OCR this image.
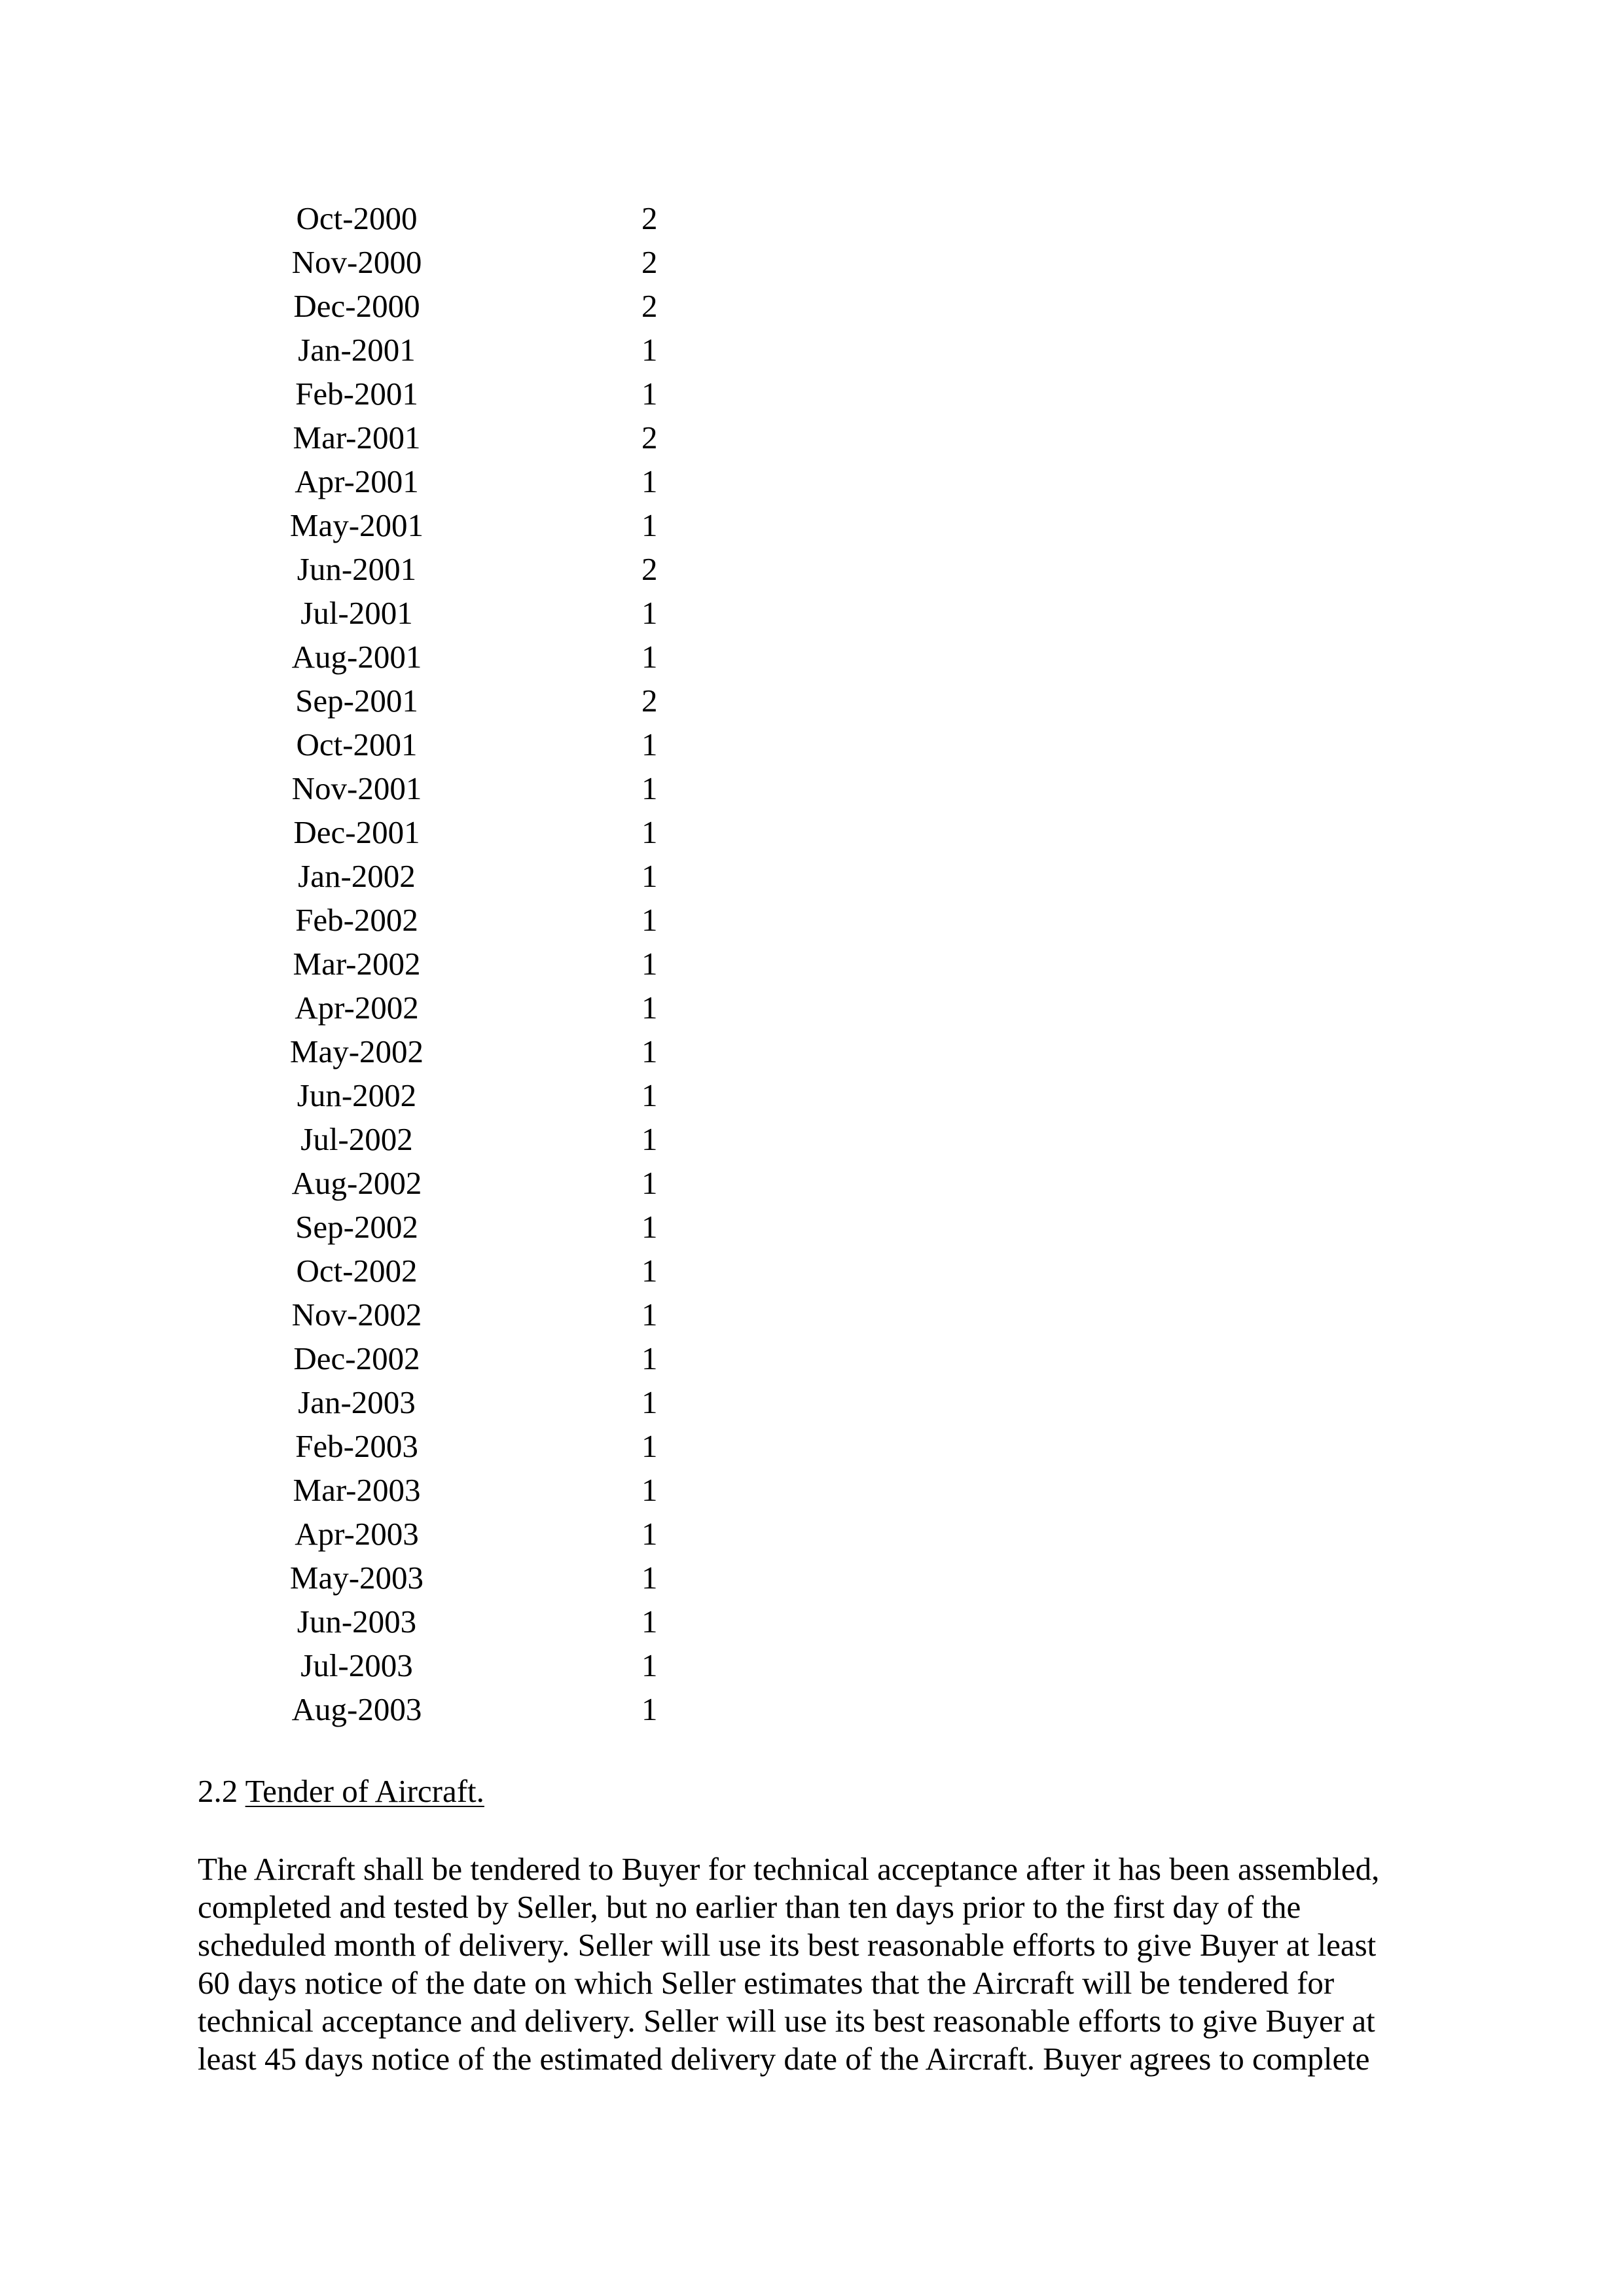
Oct-2000	2
Nov-2000	2
Dec-2000	2
Jan-2001	1
Feb-2001	1
Mar-2001	2
Apr-2001	1
May-2001	1
Jun-2001	2
Jul-2001	1
Aug-2001	1
Sep-2001	2
Oct-2001	1
Nov-2001	1
Dec-2001	1
Jan-2002	1
Feb-2002	1
Mar-2002	1
Apr-2002	1
May-2002	1
Jun-2002	1
Jul-2002	1
Aug-2002	1
Sep-2002	1
Oct-2002	1
Nov-2002	1
Dec-2002	1
Jan-2003	1
Feb-2003	1
Mar-2003	1
Apr-2003	1
May-2003	1
Jun-2003	1
Jul-2003	1
Aug-2003	1
2.2 Tender of Aircraft.
The Aircraft shall be tendered to Buyer for technical acceptance after it has been assembled,
completed and tested by Seller, but no earlier than ten days prior to the first day of the
scheduled month of delivery. Seller will use its best reasonable efforts to give Buyer at least
60 days notice of the date on which Seller estimates that the Aircraft will be tendered for
technical acceptance and delivery. Seller will use its best reasonable efforts to give Buyer at
least 45 days notice of the estimated delivery date of the Aircraft. Buyer agrees to complete
